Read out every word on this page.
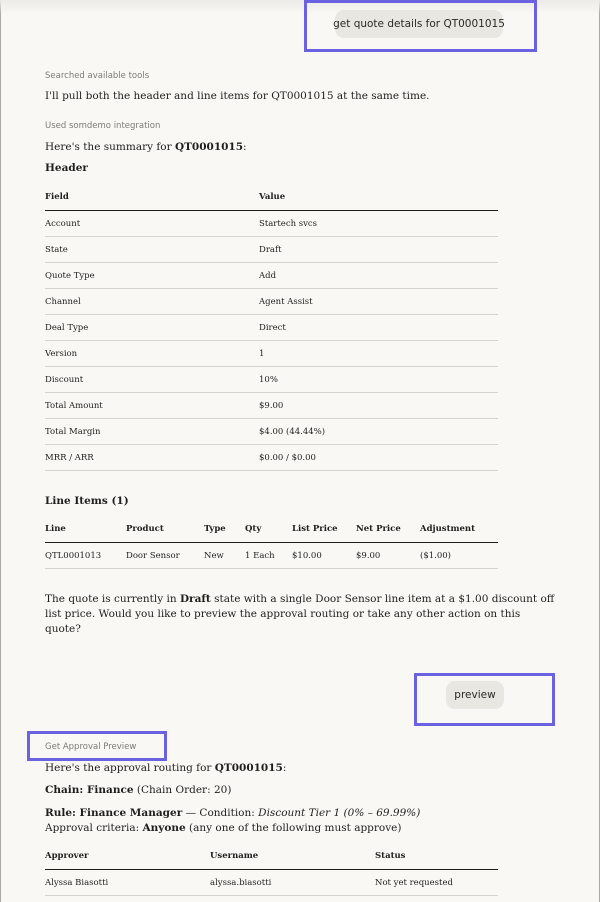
get quote details for QT0001015
Searched available tools
I'll pull both the header and line items for QT0001015 at the same time.
Used somdemo integration
Here's the summary for QT0001015:
Header
Field	Value
Account	Startech svcs
State	Draft
Quote Type	Add
Channel	Agent Assist
Deal Type	Direct
Version	1
Discount	10%
Total Amount	$9.00
Total Margin	$4.00 (44.44%)
MRR / ARR	$0.00 / $0.00
Line Items (1)
Line	Product	Type	Qty	List Price	Net Price	Adjustment
QTL0001013	Door Sensor	New	1 Each	$10.00	$9.00	($1.00)
The quote is currently in Draft state with a single Door Sensor line item at a $1.00 discount off
list price. Would you like to preview the approval routing or take any other action on this
quote?
preview
Get Approval Preview
Here's the approval routing for QT0001015:
Chain: Finance (Chain Order: 20)
Rule: Finance Manager — Condition: Discount Tier 1 (0% – 69.99%)
Approval criteria: Anyone (any one of the following must approve)
Approver	Username	Status
Alyssa Biasotti	alyssa.biasotti	Not yet requested
